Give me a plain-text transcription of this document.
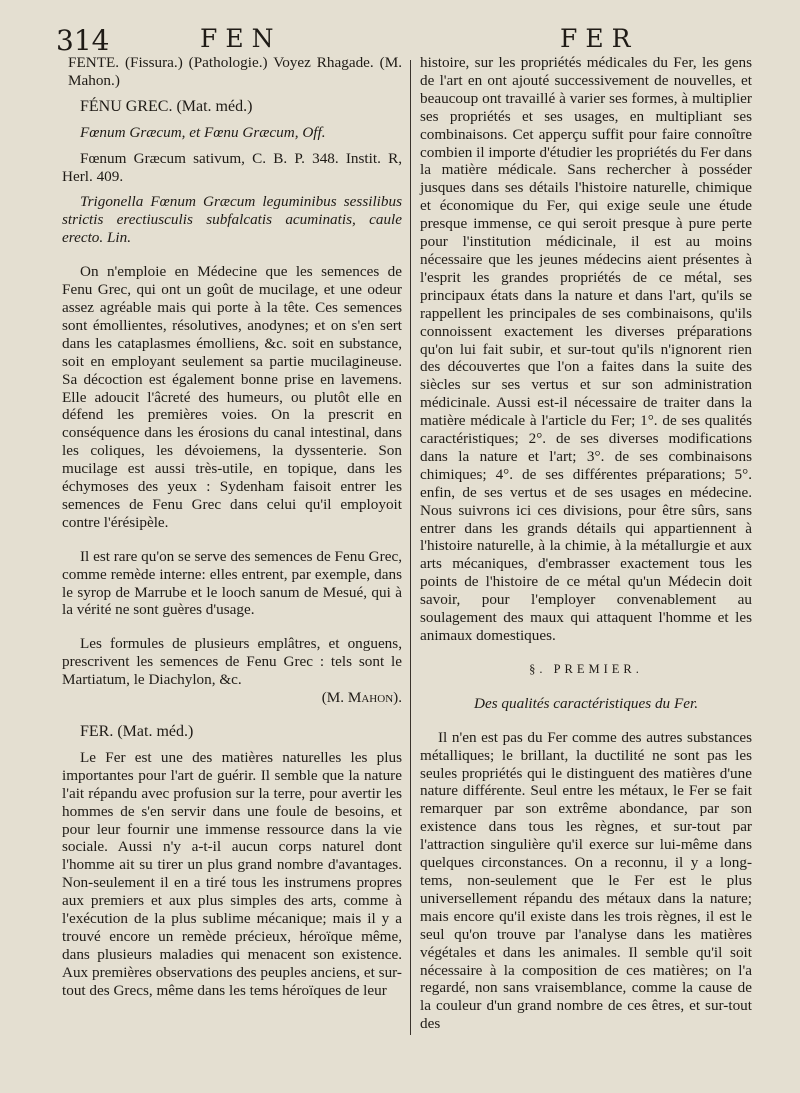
314	FEN	FER

FENTE. (Fissura.) (Pathologie.) Voyez Rhagade. (M. Mahon.)

FÉNU GREC. (Mat. méd.)

Fœnum Græcum, et Fœnu Græcum, Off.

Fœnum Græcum sativum, C. B. P. 348. Instit. R, Herl. 409.

Trigonella Fœnum Græcum leguminibus sessilibus strictis erectiusculis subfalcatis acuminatis, caule erecto. Lin.

On n'emploie en Médecine que les semences de Fenu Grec, qui ont un goût de mucilage, et une odeur assez agréable mais qui porte à la tête. Ces semences sont émollientes, résolutives, anodynes; et on s'en sert dans les cataplasmes émolliens, &c. soit en substance, soit en employant seulement sa partie mucilagineuse. Sa décoction est également bonne prise en lavemens. Elle adoucit l'âcreté des humeurs, ou plutôt elle en défend les premières voies. On la prescrit en conséquence dans les érosions du canal intestinal, dans les coliques, les dévoiemens, la dyssenterie. Son mucilage est aussi très-utile, en topique, dans les échymoses des yeux : Sydenham faisoit entrer les semences de Fenu Grec dans celui qu'il employoit contre l'érésipèle.

Il est rare qu'on se serve des semences de Fenu Grec, comme remède interne: elles entrent, par exemple, dans le syrop de Marrube et le looch sanum de Mesué, qui à la vérité ne sont guères d'usage.

Les formules de plusieurs emplâtres, et onguens, prescrivent les semences de Fenu Grec : tels sont le Martiatum, le Diachylon, &c.

(M. Mahon).

FER. (Mat. méd.)

Le Fer est une des matières naturelles les plus importantes pour l'art de guérir. Il semble que la nature l'ait répandu avec profusion sur la terre, pour avertir les hommes de s'en servir dans une foule de besoins, et pour leur fournir une immense ressource dans la vie sociale. Aussi n'y a-t-il aucun corps naturel dont l'homme ait su tirer un plus grand nombre d'avantages. Non-seulement il en a tiré tous les instrumens propres aux premiers et aux plus simples des arts, comme à l'exécution de la plus sublime mécanique; mais il y a trouvé encore un remède précieux, héroïque même, dans plusieurs maladies qui menacent son existence. Aux premières observations des peuples anciens, et sur-tout des Grecs, même dans les tems héroïques de leur

histoire, sur les propriétés médicales du Fer, les gens de l'art en ont ajouté successivement de nouvelles, et beaucoup ont travaillé à varier ses formes, à multiplier ses propriétés et ses usages, en multipliant ses combinaisons. Cet apperçu suffit pour faire connoître combien il importe d'étudier les propriétés du Fer dans la matière médicale. Sans rechercher à posséder jusques dans ses détails l'histoire naturelle, chimique et économique du Fer, qui exige seule une étude presque immense, ce qui seroit presque à pure perte pour l'institution médicinale, il est au moins nécessaire que les jeunes médecins aient présentes à l'esprit les grandes propriétés de ce métal, ses principaux états dans la nature et dans l'art, qu'ils se rappellent les principales de ses combinaisons, qu'ils connoissent exactement les diverses préparations qu'on lui fait subir, et sur-tout qu'ils n'ignorent rien des découvertes que l'on a faites dans la suite des siècles sur ses vertus et sur son administration médicinale. Aussi est-il nécessaire de traiter dans la matière médicale à l'article du Fer; 1°. de ses qualités caractéristiques; 2°. de ses diverses modifications dans la nature et l'art; 3°. de ses combinaisons chimiques; 4°. de ses différentes préparations; 5°. enfin, de ses vertus et de ses usages en médecine. Nous suivrons ici ces divisions, pour être sûrs, sans entrer dans les grands détails qui appartiennent à l'histoire naturelle, à la chimie, à la métallurgie et aux arts mécaniques, d'embrasser exactement tous les points de l'histoire de ce métal qu'un Médecin doit savoir, pour l'employer convenablement au soulagement des maux qui attaquent l'homme et les animaux domestiques.

§. PREMIER.

Des qualités caractéristiques du Fer.

Il n'en est pas du Fer comme des autres substances métalliques; le brillant, la ductilité ne sont pas les seules propriétés qui le distinguent des matières d'une nature différente. Seul entre les métaux, le Fer se fait remarquer par son extrême abondance, par son existence dans tous les règnes, et sur-tout par l'attraction singulière qu'il exerce sur lui-même dans quelques circonstances. On a reconnu, il y a long-tems, non-seulement que le Fer est le plus universellement répandu des métaux dans la nature; mais encore qu'il existe dans les trois règnes, il est le seul qu'on trouve par l'analyse dans les matières végétales et dans les animales. Il semble qu'il soit nécessaire à la composition de ces matières; on l'a regardé, non sans vraisemblance, comme la cause de la couleur d'un grand nombre de ces êtres, et sur-tout des
